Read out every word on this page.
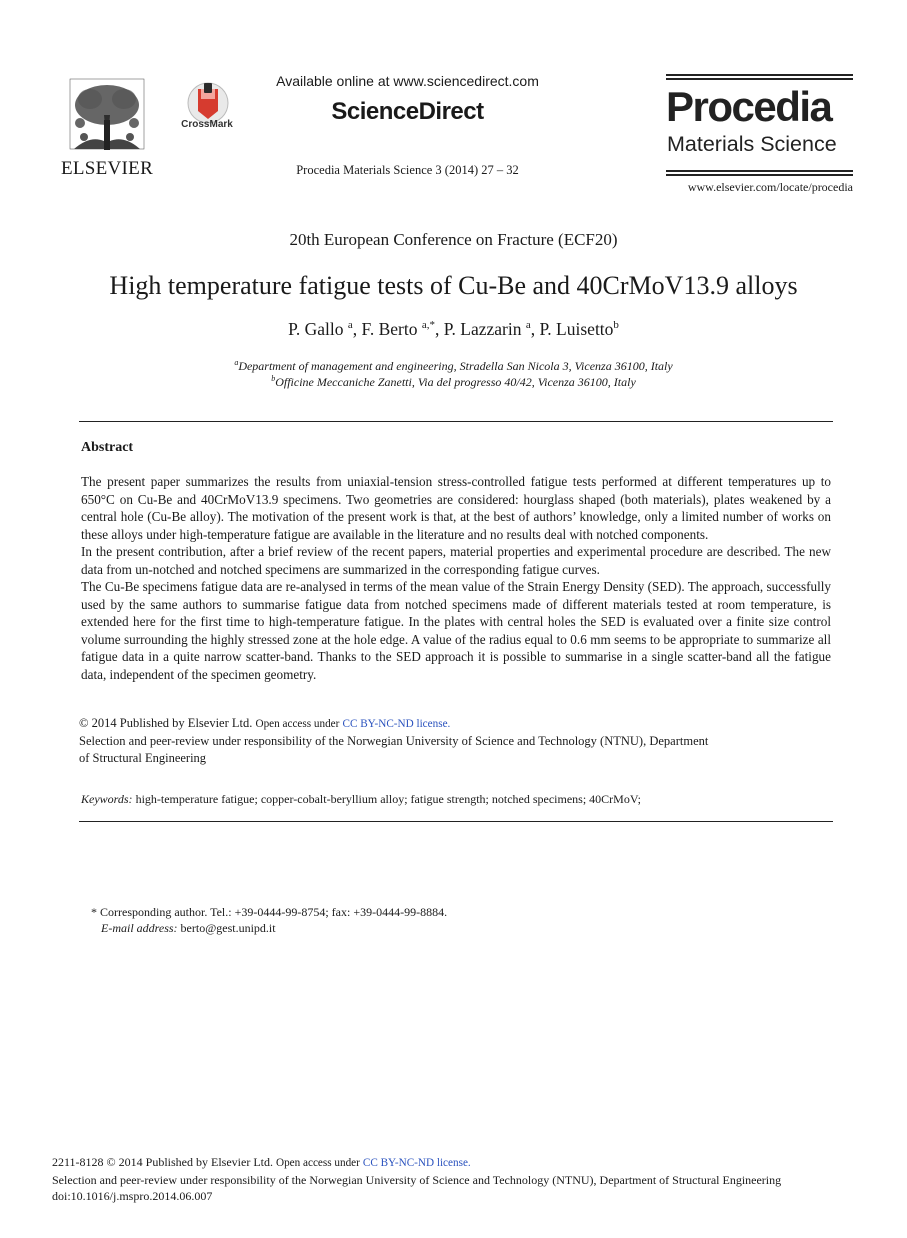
ELSEVIER
CrossMark
Available online at www.sciencedirect.com
ScienceDirect
Procedia Materials Science 3 (2014) 27 – 32
Procedia
Materials Science
www.elsevier.com/locate/procedia
20th European Conference on Fracture (ECF20)
High temperature fatigue tests of Cu-Be and 40CrMoV13.9 alloys
P. Gallo $^a$, F. Berto $^{a,*}$, P. Lazzarin $^a$, P. Luisetto$^b$
$^a$Department of management and engineering, Stradella San Nicola 3, Vicenza 36100, Italy
$^b$Officine Meccaniche Zanetti, Via del progresso 40/42, Vicenza 36100, Italy
Abstract

The present paper summarizes the results from uniaxial-tension stress-controlled fatigue tests performed at different temperatures up to 650°C on Cu-Be and 40CrMoV13.9 specimens. Two geometries are considered: hourglass shaped (both materials), plates weakened by a central hole (Cu-Be alloy). The motivation of the present work is that, at the best of authors’ knowledge, only a limited number of works on these alloys under high-temperature fatigue are available in the literature and no results deal with notched components.

In the present contribution, after a brief review of the recent papers, material properties and experimental procedure are described. The new data from un-notched and notched specimens are summarized in the corresponding fatigue curves.

The Cu-Be specimens fatigue data are re-analysed in terms of the mean value of the Strain Energy Density (SED). The approach, successfully used by the same authors to summarise fatigue data from notched specimens made of different materials tested at room temperature, is extended here for the first time to high-temperature fatigue. In the plates with central holes the SED is evaluated over a finite size control volume surrounding the highly stressed zone at the hole edge. A value of the radius equal to 0.6 mm seems to be appropriate to summarize all fatigue data in a quite narrow scatter-band. Thanks to the SED approach it is possible to summarise in a single scatter-band all the fatigue data, independent of the specimen geometry.

© 2014 Published by Elsevier Ltd. Open access under CC BY-NC-ND license.
Selection and peer-review under responsibility of the Norwegian University of Science and Technology (NTNU), Department
of Structural Engineering
Keywords: high-temperature fatigue; copper-cobalt-beryllium alloy; fatigue strength; notched specimens; 40CrMoV;
* Corresponding author. Tel.: +39-0444-99-8754; fax: +39-0444-99-8884.
E-mail address: berto@gest.unipd.it
2211-8128 © 2014 Published by Elsevier Ltd. Open access under CC BY-NC-ND license.
Selection and peer-review under responsibility of the Norwegian University of Science and Technology (NTNU), Department of Structural Engineering
doi:10.1016/j.mspro.2014.06.007
